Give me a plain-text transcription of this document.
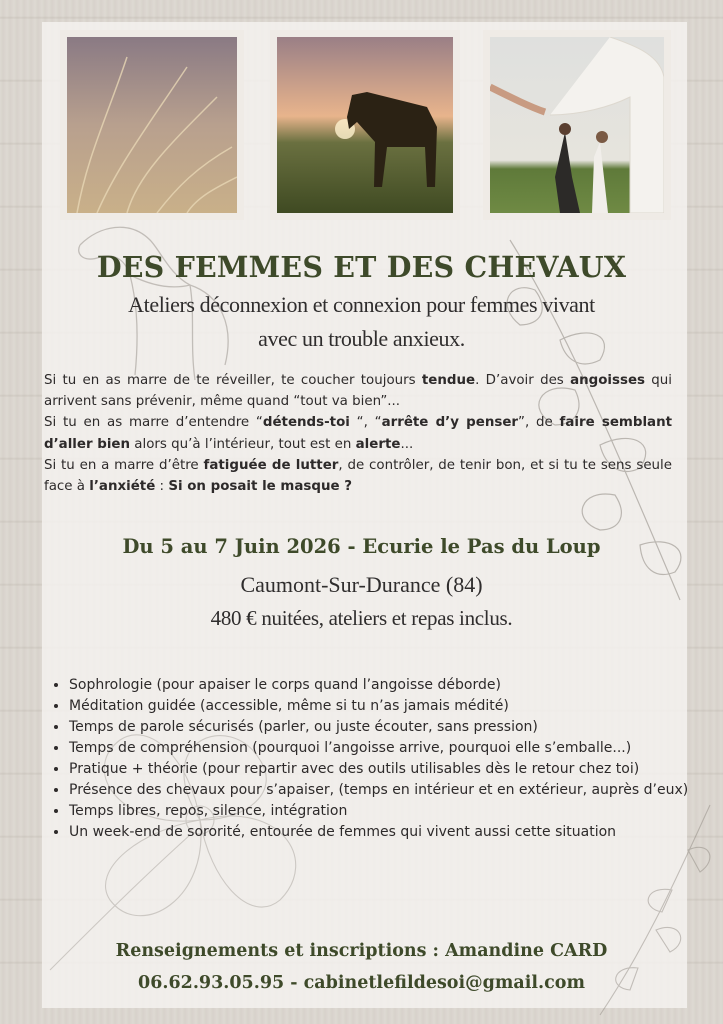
DES FEMMES ET DES CHEVAUX
Ateliers déconnexion et connexion pour femmes vivant
avec un trouble anxieux.

Si tu en as marre de te réveiller, te coucher toujours tendue. D’avoir des angoisses qui arrivent sans prévenir, même quand “tout va bien”...

Si tu en as marre d’entendre “détends-toi “, “arrête d’y penser”, de faire semblant d’aller bien alors qu’à l’intérieur, tout est en alerte...

Si tu en a marre d’être fatiguée de lutter, de contrôler, de tenir bon, et si tu te sens seule face à l’anxiété : Si on posait le masque ?

Du 5 au 7 Juin 2026 - Ecurie le Pas du Loup
Caumont-Sur-Durance (84)
480 € nuitées, ateliers et repas inclus.
• Sophrologie (pour apaiser le corps quand l’angoisse déborde)
• Méditation guidée (accessible, même si tu n’as jamais médité)
• Temps de parole sécurisés (parler, ou juste écouter, sans pression)
• Temps de compréhension (pourquoi l’angoisse arrive, pourquoi elle s’emballe...)
• Pratique + théorie (pour repartir avec des outils utilisables dès le retour chez toi)
• Présence des chevaux pour s’apaiser, (temps en intérieur et en extérieur, auprès d’eux)
• Temps libres, repos, silence, intégration
• Un week-end de sororité, entourée de femmes qui vivent aussi cette situation
Renseignements et inscriptions : Amandine CARD
06.62.93.05.95 - cabinetlefildesoi@gmail.com
